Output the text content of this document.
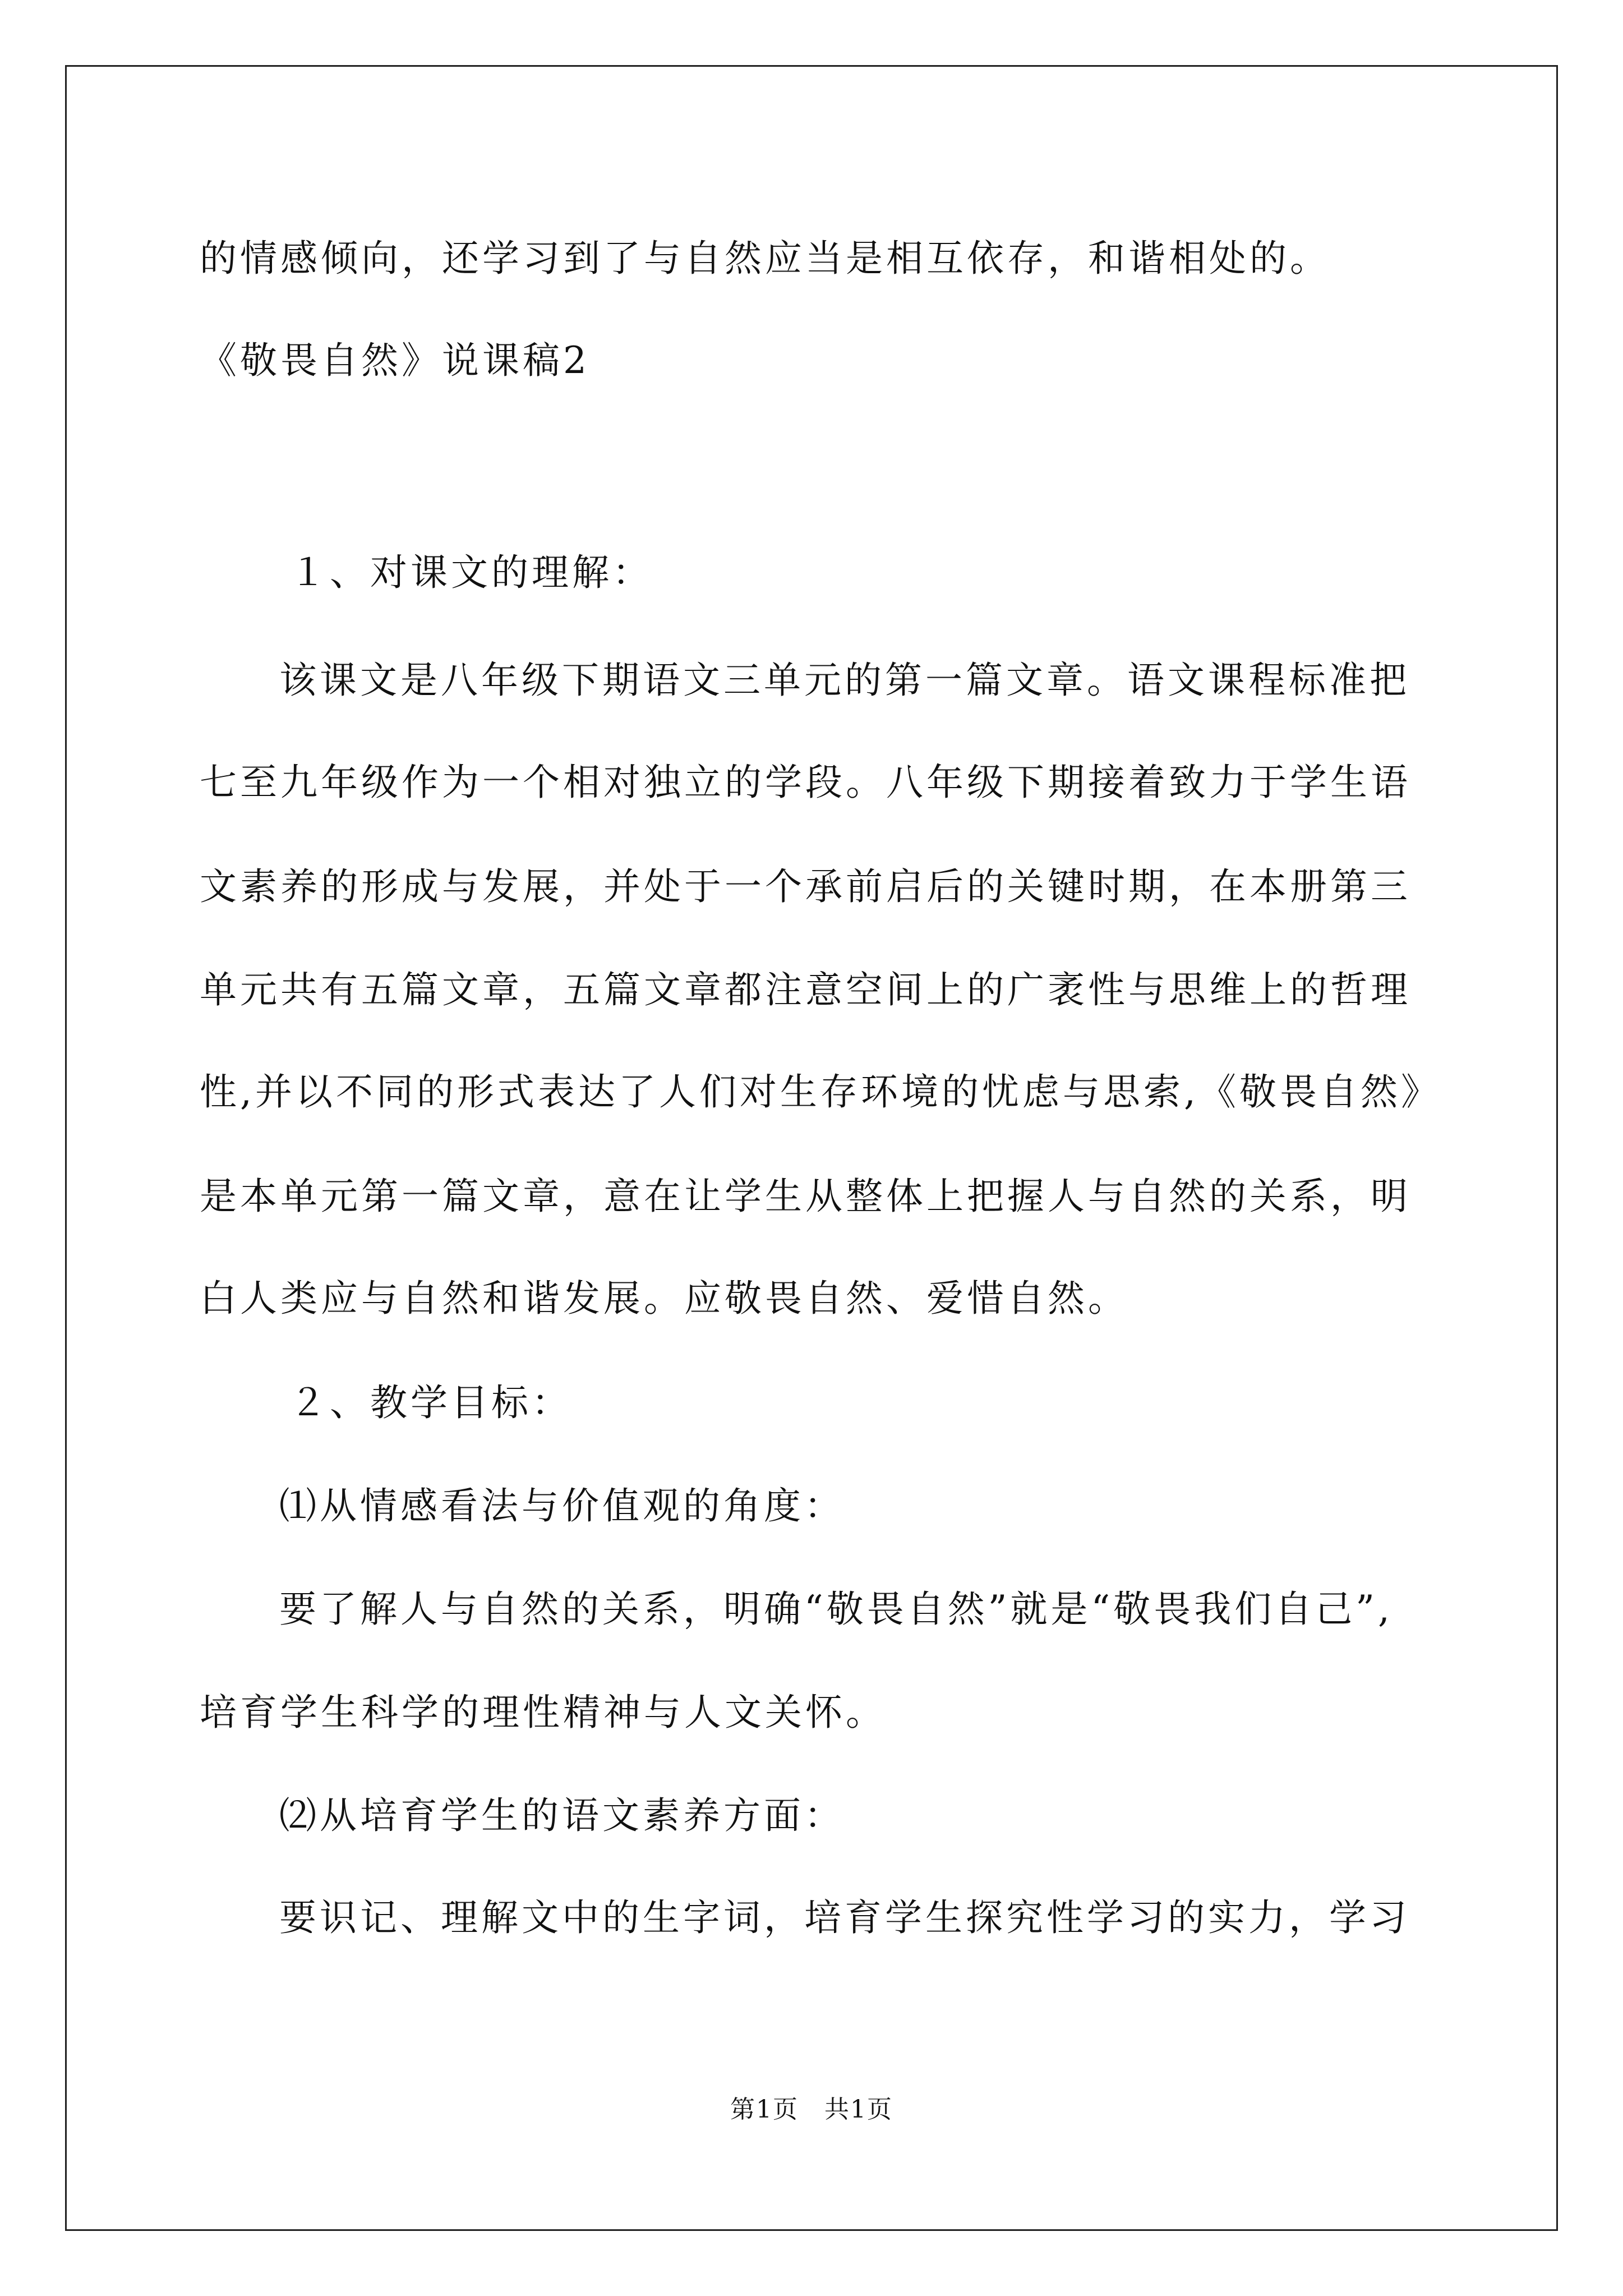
的情感倾向，还学习到了与自然应当是相互依存，和谐相处的。

《敬畏自然》说课稿2

１、对课文的理解：

该课文是八年级下期语文三单元的第一篇文章。语文课程标准把

七至九年级作为一个相对独立的学段。八年级下期接着致力于学生语

文素养的形成与发展，并处于一个承前启后的关键时期，在本册第三

单元共有五篇文章，五篇文章都注意空间上的广袤性与思维上的哲理

性,并以不同的形式表达了人们对生存环境的忧虑与思索,《敬畏自然》

是本单元第一篇文章，意在让学生从整体上把握人与自然的关系，明

白人类应与自然和谐发展。应敬畏自然、爱惜自然。

２、教学目标：

⑴从情感看法与价值观的角度：

要了解人与自然的关系，明确“敬畏自然”就是“敬畏我们自己”,

培育学生科学的理性精神与人文关怀。

⑵从培育学生的语文素养方面：

要识记、理解文中的生字词，培育学生探究性学习的实力，学习

第1页　共1页
